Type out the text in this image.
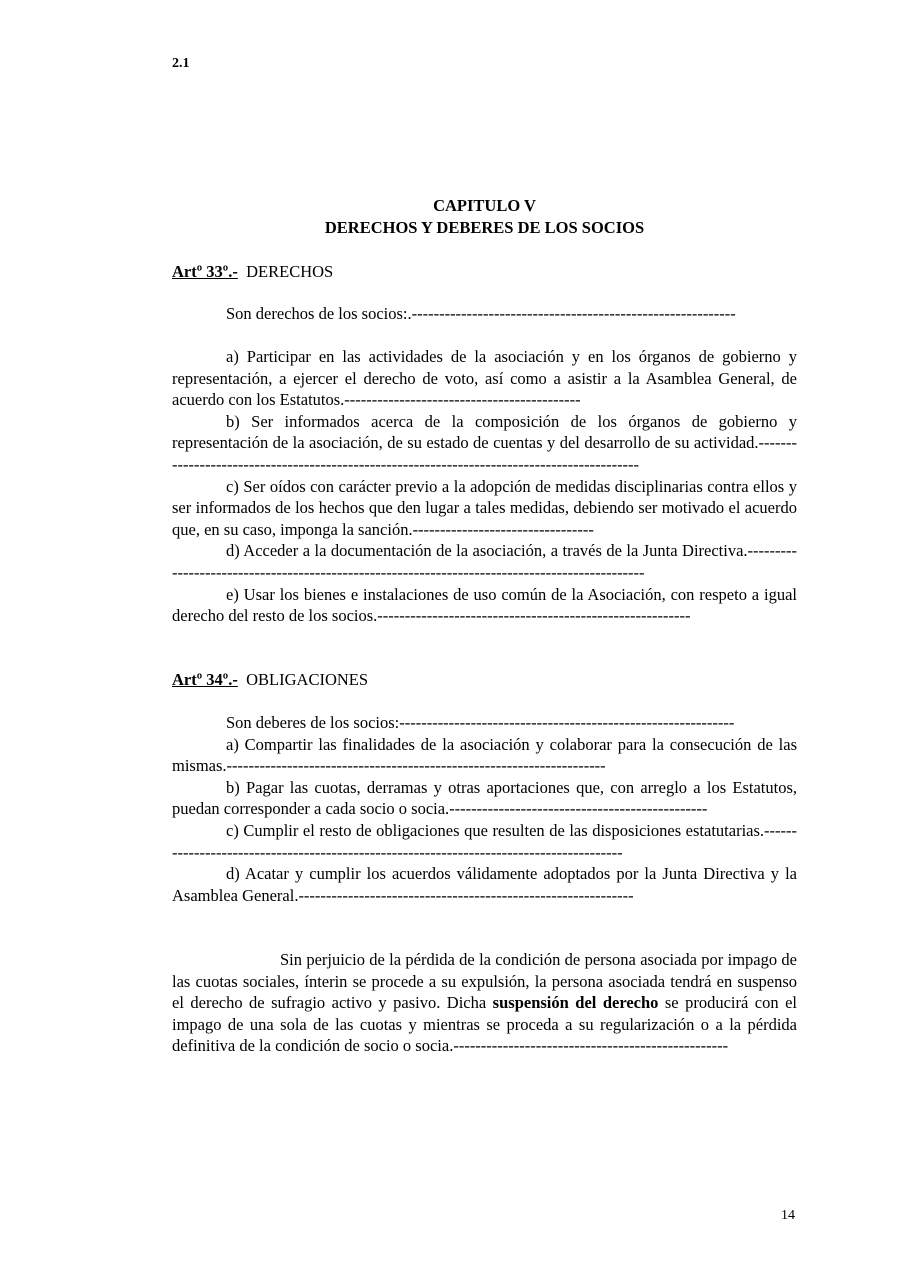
2.1
CAPITULO V
DERECHOS Y DEBERES DE LOS SOCIOS
Artº 33º.- DERECHOS

Son derechos de los socios:.-----------------------------------------------------------

a) Participar en las actividades de la asociación y en los órganos de gobierno y representación, a ejercer el derecho de voto, así como a asistir a la Asamblea General, de acuerdo con los Estatutos.-------------------------------------------

b) Ser informados acerca de la composición de los órganos de gobierno y representación de la asociación, de su estado de cuentas y del desarrollo de su actividad.--------------------------------------------------------------------------------------------

c) Ser oídos con carácter previo a la adopción de medidas disciplinarias contra ellos y ser informados de los hechos que den lugar a tales medidas, debiendo ser motivado el acuerdo que, en su caso, imponga la sanción.---------------------------------

d) Acceder a la documentación de la asociación, a través de la Junta Directiva.-----------------------------------------------------------------------------------------------

e) Usar los bienes e instalaciones de uso común de la Asociación, con respeto a igual derecho del resto de los socios.---------------------------------------------------------

Artº 34º.- OBLIGACIONES

Son deberes de los socios:-------------------------------------------------------------

a) Compartir las finalidades de la asociación y colaborar para la consecución de las mismas.---------------------------------------------------------------------

b) Pagar las cuotas, derramas y otras aportaciones que, con arreglo a los Estatutos, puedan corresponder a cada socio o socia.-----------------------------------------------

c) Cumplir el resto de obligaciones que resulten de las disposiciones estatutarias.----------------------------------------------------------------------------------------

d) Acatar y cumplir los acuerdos válidamente adoptados por la Junta Directiva y la Asamblea General.-------------------------------------------------------------

Sin perjuicio de la pérdida de la condición de persona asociada por impago de las cuotas sociales, ínterin se procede a su expulsión, la persona asociada tendrá en suspenso el derecho de sufragio activo y pasivo. Dicha suspensión del derecho se producirá con el impago de una sola de las cuotas y mientras se proceda a su regularización o a la pérdida definitiva de la condición de socio o socia.--------------------------------------------------

14
